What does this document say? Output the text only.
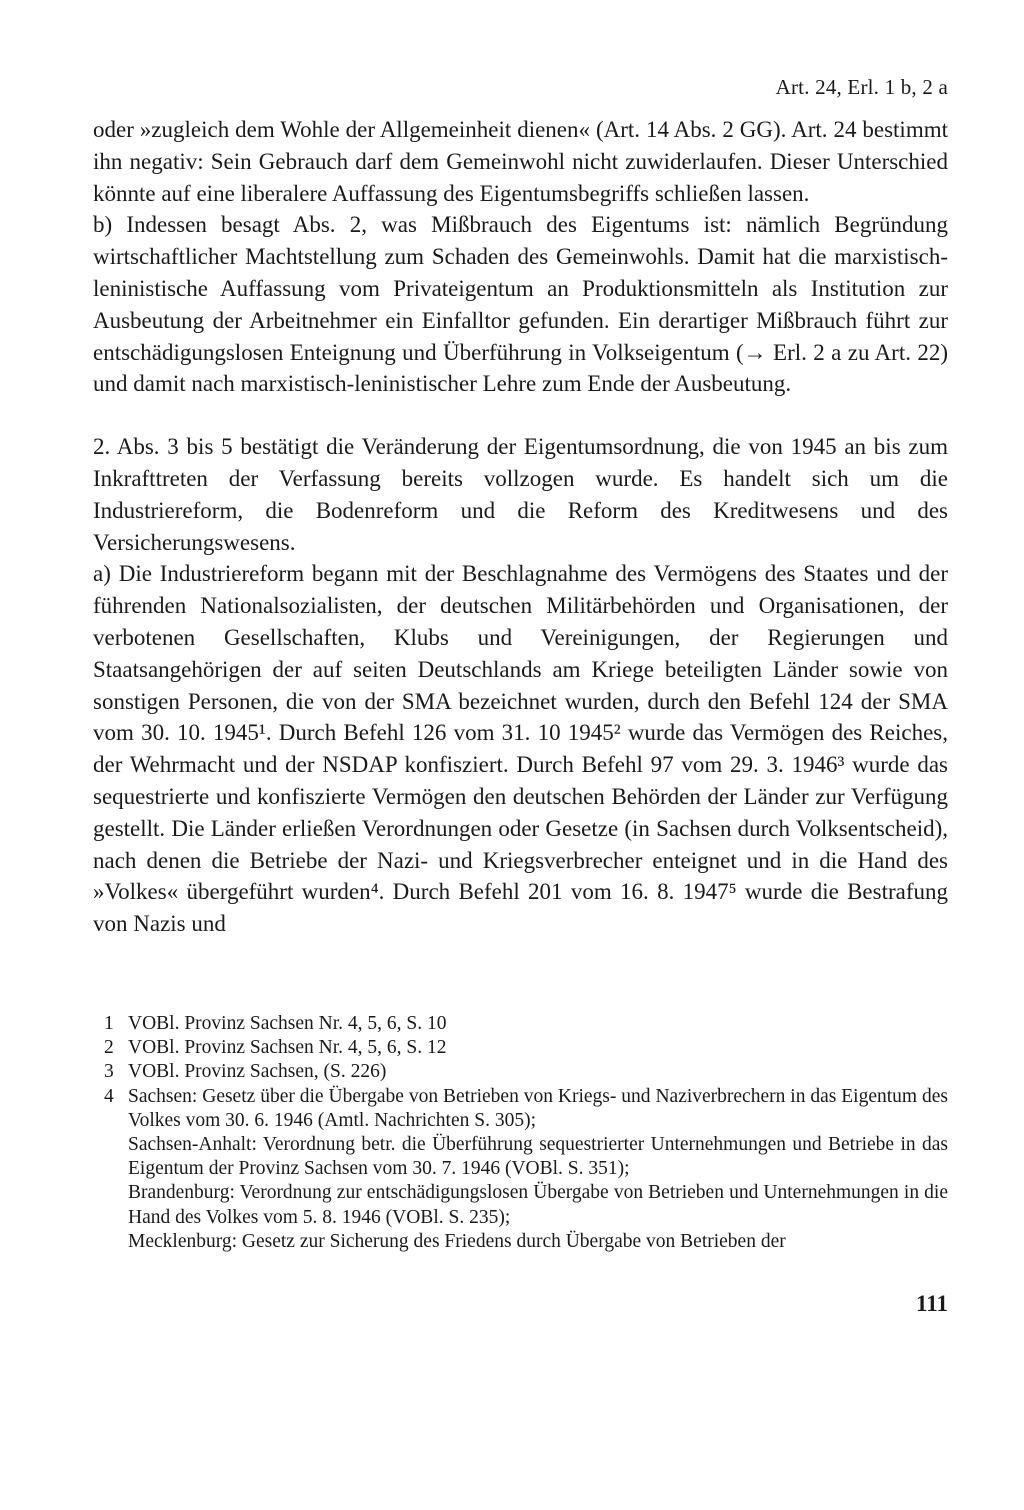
Art. 24, Erl. 1 b, 2 a

oder »zugleich dem Wohle der Allgemeinheit dienen« (Art. 14 Abs. 2 GG). Art. 24 bestimmt ihn negativ: Sein Gebrauch darf dem Gemeinwohl nicht zuwiderlaufen. Dieser Unterschied könnte auf eine liberalere Auffassung des Eigentumsbegriffs schließen lassen.

b) Indessen besagt Abs. 2, was Mißbrauch des Eigentums ist: nämlich Begründung wirtschaftlicher Machtstellung zum Schaden des Gemeinwohls. Damit hat die marxistisch-leninistische Auffassung vom Privateigentum an Produktionsmitteln als Institution zur Ausbeutung der Arbeitnehmer ein Einfalltor gefunden. Ein derartiger Mißbrauch führt zur entschädigungslosen Enteignung und Überführung in Volkseigentum (→ Erl. 2 a zu Art. 22) und damit nach marxistisch-leninistischer Lehre zum Ende der Ausbeutung.

2. Abs. 3 bis 5 bestätigt die Veränderung der Eigentumsordnung, die von 1945 an bis zum Inkrafttreten der Verfassung bereits vollzogen wurde. Es handelt sich um die Industriereform, die Bodenreform und die Reform des Kreditwesens und des Versicherungswesens.

a) Die Industriereform begann mit der Beschlagnahme des Vermögens des Staates und der führenden Nationalsozialisten, der deutschen Militärbehörden und Organisationen, der verbotenen Gesellschaften, Klubs und Vereinigungen, der Regierungen und Staatsangehörigen der auf seiten Deutschlands am Kriege beteiligten Länder sowie von sonstigen Personen, die von der SMA bezeichnet wurden, durch den Befehl 124 der SMA vom 30. 10. 1945¹. Durch Befehl 126 vom 31. 10 1945² wurde das Vermögen des Reiches, der Wehrmacht und der NSDAP konfisziert. Durch Befehl 97 vom 29. 3. 1946³ wurde das sequestrierte und konfiszierte Vermögen den deutschen Behörden der Länder zur Verfügung gestellt. Die Länder erließen Verordnungen oder Gesetze (in Sachsen durch Volksentscheid), nach denen die Betriebe der Nazi- und Kriegsverbrecher enteignet und in die Hand des »Volkes« übergeführt wurden⁴. Durch Befehl 201 vom 16. 8. 1947⁵ wurde die Bestrafung von Nazis und

1 VOBl. Provinz Sachsen Nr. 4, 5, 6, S. 10
2 VOBl. Provinz Sachsen Nr. 4, 5, 6, S. 12
3 VOBl. Provinz Sachsen, (S. 226)
4 Sachsen: Gesetz über die Übergabe von Betrieben von Kriegs- und Naziverbrechern in das Eigentum des Volkes vom 30. 6. 1946 (Amtl. Nachrichten S. 305);
Sachsen-Anhalt: Verordnung betr. die Überführung sequestrierter Unternehmungen und Betriebe in das Eigentum der Provinz Sachsen vom 30. 7. 1946 (VOBl. S. 351);
Brandenburg: Verordnung zur entschädigungslosen Übergabe von Betrieben und Unternehmungen in die Hand des Volkes vom 5. 8. 1946 (VOBl. S. 235);
Mecklenburg: Gesetz zur Sicherung des Friedens durch Übergabe von Betrieben der
111
